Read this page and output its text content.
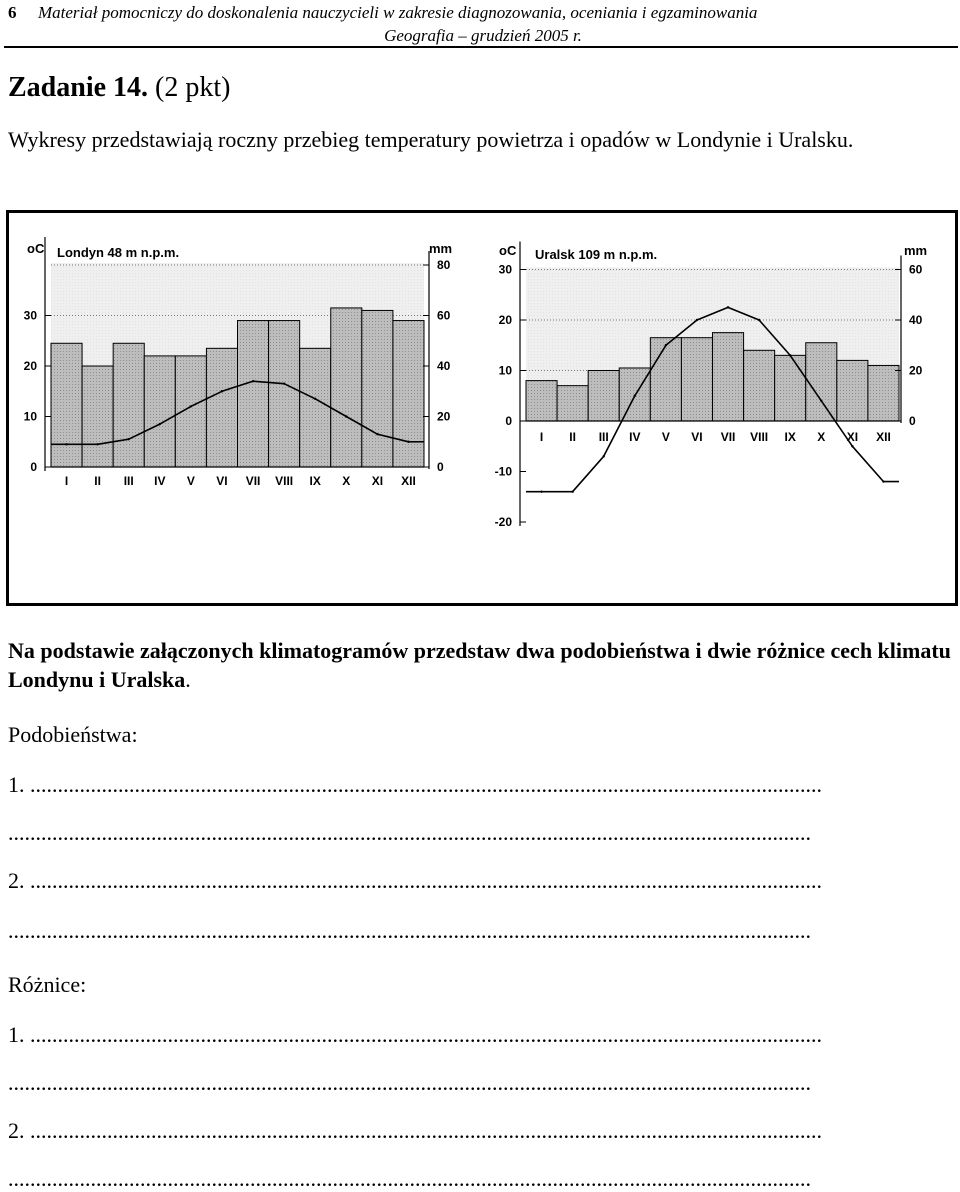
6 Materiał pomocniczy do doskonalenia nauczycieli w zakresie diagnozowania, oceniania i egzaminowania
Geografia – grudzień 2005 r.
Zadanie 14. (2 pkt)
Wykresy przedstawiają roczny przebieg temperatury powietrza i opadów w Londynie i Uralsku.
0
10
20
30
0
20
40
60
80
I II III IV V VI VII VIII IX X XI XII
Londyn 48 m n.p.m.
oC	mm
-20
-10
0
10
20
30
0
20
40
60
I II III IV V VI VII VIII IX X XI XII
Uralsk 109 m n.p.m.
oC	mm
Na podstawie załączonych klimatogramów przedstaw dwa podobieństwa i dwie różnice cech klimatu Londynu i Uralska.
Podobieństwa:
1. ................................................................................................................................................
..................................................................................................................................................
2. ................................................................................................................................................
..................................................................................................................................................
Różnice:
1. ................................................................................................................................................
..................................................................................................................................................
2. ................................................................................................................................................
..................................................................................................................................................
